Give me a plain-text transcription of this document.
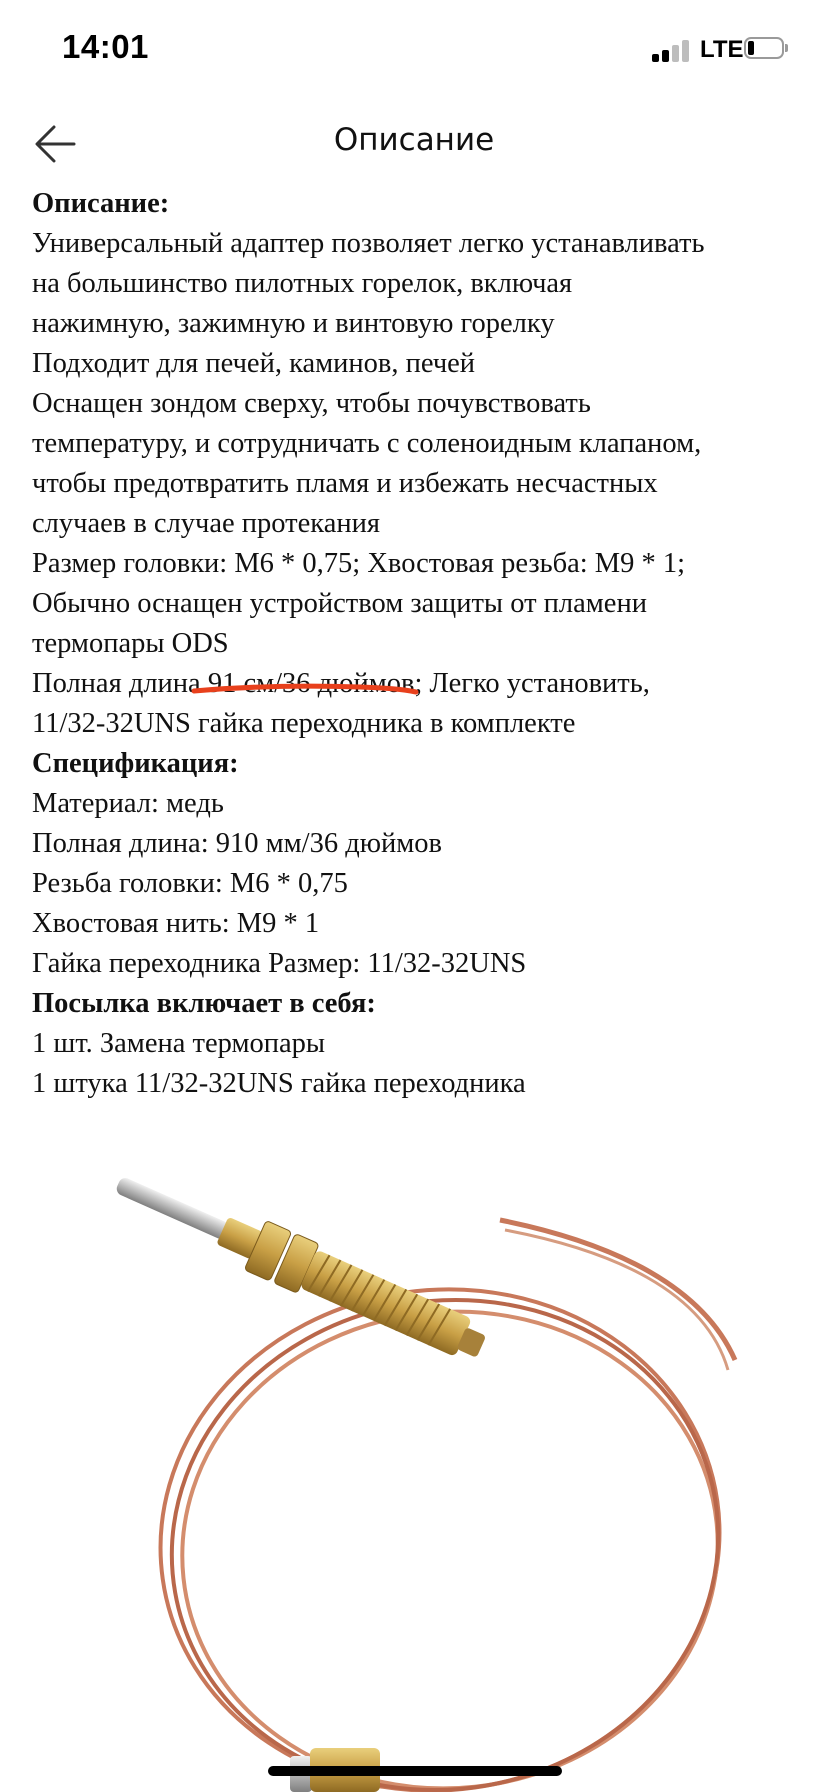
14:01	LTE
Описание
Описание:
Универсальный адаптер позволяет легко устанавливать
на большинство пилотных горелок, включая
нажимную, зажимную и винтовую горелку
Подходит для печей, каминов, печей
Оснащен зондом сверху, чтобы почувствовать
температуру, и сотрудничать с соленоидным клапаном,
чтобы предотвратить пламя и избежать несчастных
случаев в случае протекания
Размер головки: M6 * 0,75; Хвостовая резьба: M9 * 1;
Обычно оснащен устройством защиты от пламени
термопары ODS
Полная длина 91 см/36 дюймов; Легко установить,
11/32-32UNS гайка переходника в комплекте
Спецификация:
Материал: медь
Полная длина: 910 мм/36 дюймов
Резьба головки: M6 * 0,75
Хвостовая нить: M9 * 1
Гайка переходника Размер: 11/32-32UNS
Посылка включает в себя:
1 шт. Замена термопары
1 штука 11/32-32UNS гайка переходника
